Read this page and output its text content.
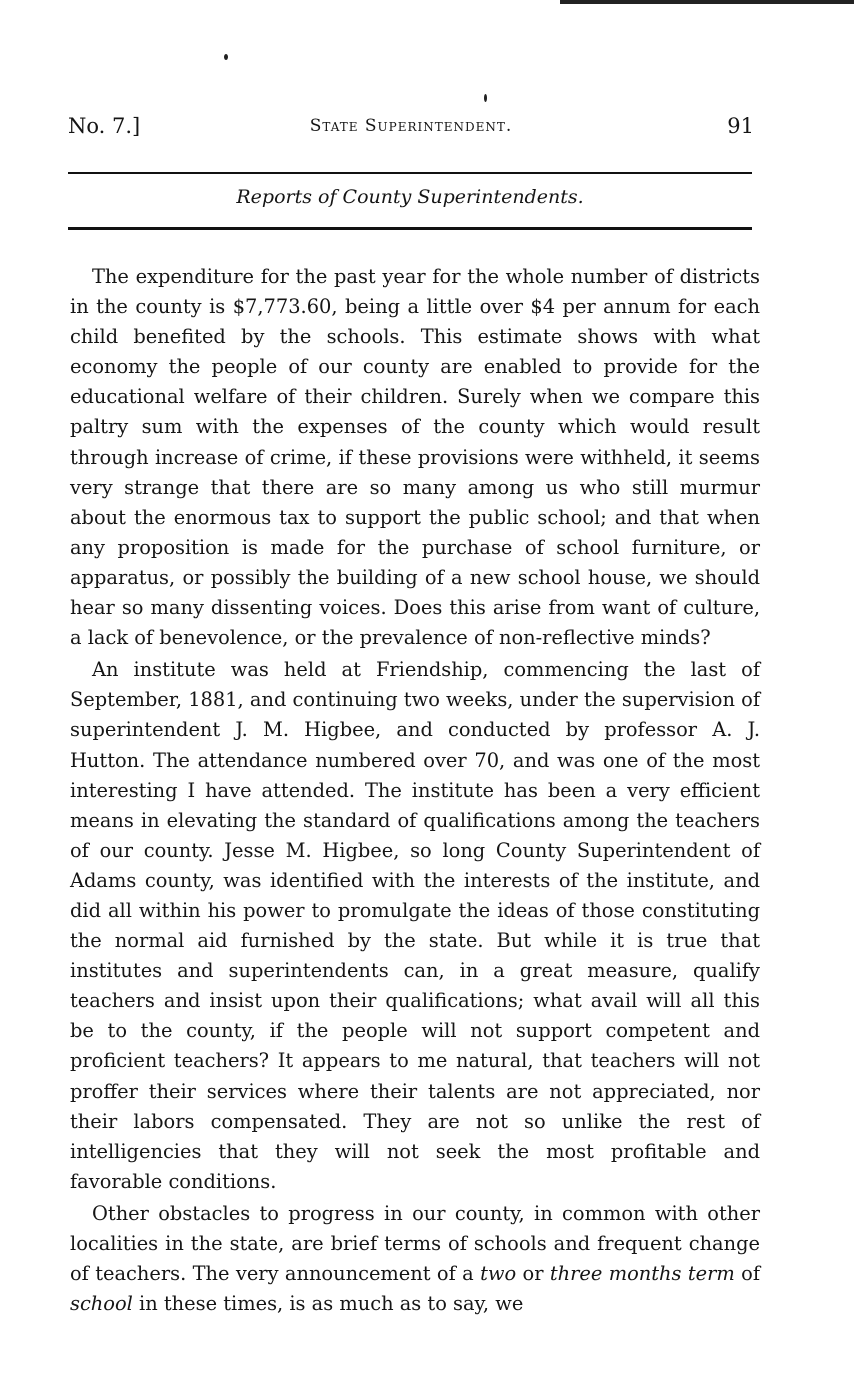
No. 7.]	State Superintendent.	91
Reports of County Superintendents.

The expenditure for the past year for the whole number of districts in the county is $7,773.60, being a little over $4 per annum for each child benefited by the schools. This estimate shows with what economy the people of our county are enabled to provide for the educational welfare of their children. Surely when we compare this paltry sum with the expenses of the county which would result through increase of crime, if these provisions were withheld, it seems very strange that there are so many among us who still murmur about the enormous tax to support the public school; and that when any proposition is made for the purchase of school furniture, or apparatus, or possibly the building of a new school house, we should hear so many dissenting voices. Does this arise from want of culture, a lack of benevolence, or the prevalence of non-reflective minds?

An institute was held at Friendship, commencing the last of September, 1881, and continuing two weeks, under the supervision of superintendent J. M. Higbee, and conducted by professor A. J. Hutton. The attendance numbered over 70, and was one of the most interesting I have attended. The institute has been a very efficient means in elevating the standard of qualifications among the teachers of our county. Jesse M. Higbee, so long County Superintendent of Adams county, was identified with the interests of the institute, and did all within his power to promulgate the ideas of those constituting the normal aid furnished by the state. But while it is true that institutes and superintendents can, in a great measure, qualify teachers and insist upon their qualifications; what avail will all this be to the county, if the people will not support competent and proficient teachers? It appears to me natural, that teachers will not proffer their services where their talents are not appreciated, nor their labors compensated. They are not so unlike the rest of intelligencies that they will not seek the most profitable and favorable conditions.

Other obstacles to progress in our county, in common with other localities in the state, are brief terms of schools and frequent change of teachers. The very announcement of a two or three months term of school in these times, is as much as to say, we
